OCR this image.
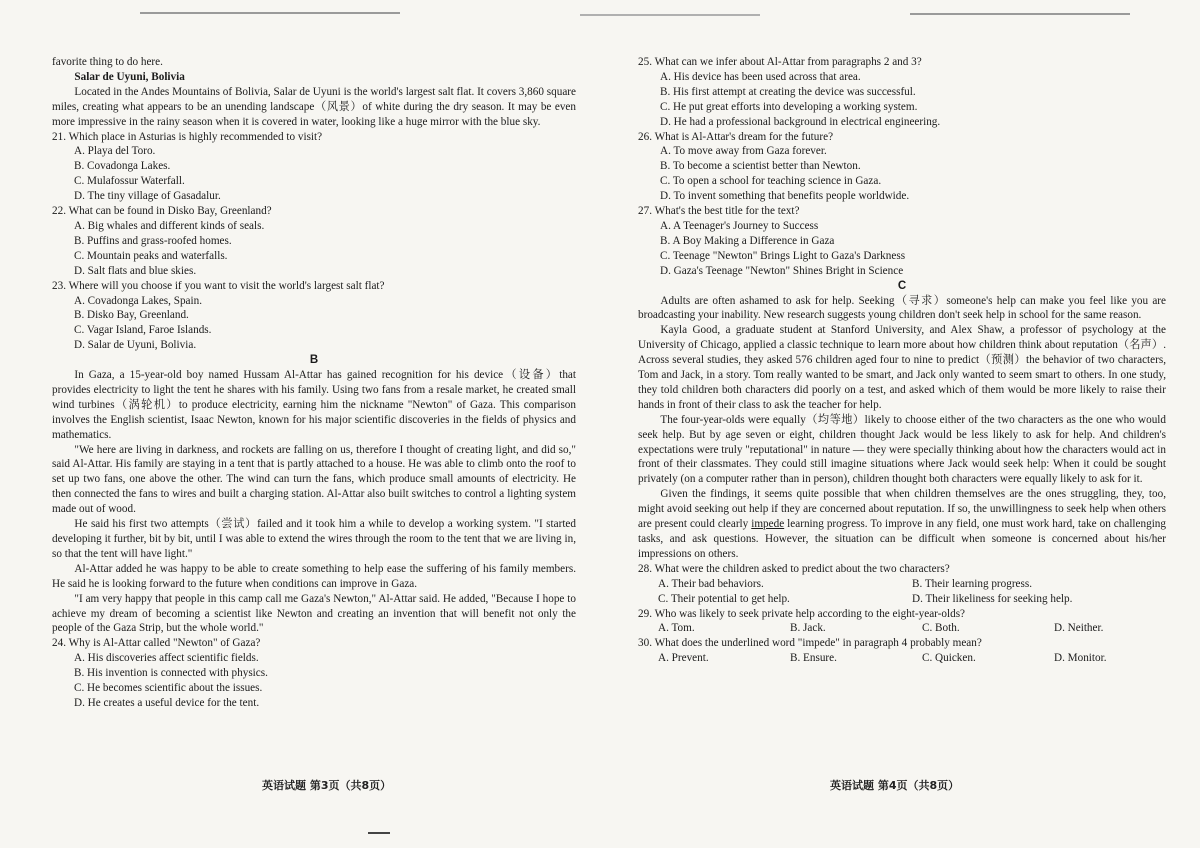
favorite thing to do here.

Salar de Uyuni, Bolivia

Located in the Andes Mountains of Bolivia, Salar de Uyuni is the world's largest salt flat. It covers 3,860 square miles, creating what appears to be an unending landscape（风景）of white during the dry season. It may be even more impressive in the rainy season when it is covered in water, looking like a huge mirror with the blue sky.

21. Which place in Asturias is highly recommended to visit?

A. Playa del Toro.

B. Covadonga Lakes.

C. Mulafossur Waterfall.

D. The tiny village of Gasadalur.

22. What can be found in Disko Bay, Greenland?

A. Big whales and different kinds of seals.

B. Puffins and grass-roofed homes.

C. Mountain peaks and waterfalls.

D. Salt flats and blue skies.

23. Where will you choose if you want to visit the world's largest salt flat?

A. Covadonga Lakes, Spain.

B. Disko Bay, Greenland.

C. Vagar Island, Faroe Islands.

D. Salar de Uyuni, Bolivia.

B

In Gaza, a 15-year-old boy named Hussam Al-Attar has gained recognition for his device（设备）that provides electricity to light the tent he shares with his family. Using two fans from a resale market, he created small wind turbines（涡轮机）to produce electricity, earning him the nickname "Newton" of Gaza. This comparison involves the English scientist, Isaac Newton, known for his major scientific discoveries in the fields of physics and mathematics.

"We here are living in darkness, and rockets are falling on us, therefore I thought of creating light, and did so," said Al-Attar. His family are staying in a tent that is partly attached to a house. He was able to climb onto the roof to set up two fans, one above the other. The wind can turn the fans, which produce small amounts of electricity. He then connected the fans to wires and built a charging station. Al-Attar also built switches to control a lighting system made out of wood.

He said his first two attempts（尝试）failed and it took him a while to develop a working system. "I started developing it further, bit by bit, until I was able to extend the wires through the room to the tent that we are living in, so that the tent will have light."

Al-Attar added he was happy to be able to create something to help ease the suffering of his family members. He said he is looking forward to the future when conditions can improve in Gaza.

"I am very happy that people in this camp call me Gaza's Newton," Al-Attar said. He added, "Because I hope to achieve my dream of becoming a scientist like Newton and creating an invention that will benefit not only the people of the Gaza Strip, but the whole world."

24. Why is Al-Attar called "Newton" of Gaza?

A. His discoveries affect scientific fields.

B. His invention is connected with physics.

C. He becomes scientific about the issues.

D. He creates a useful device for the tent.

25. What can we infer about Al-Attar from paragraphs 2 and 3?

A. His device has been used across that area.

B. His first attempt at creating the device was successful.

C. He put great efforts into developing a working system.

D. He had a professional background in electrical engineering.

26. What is Al-Attar's dream for the future?

A. To move away from Gaza forever.

B. To become a scientist better than Newton.

C. To open a school for teaching science in Gaza.

D. To invent something that benefits people worldwide.

27. What's the best title for the text?

A. A Teenager's Journey to Success

B. A Boy Making a Difference in Gaza

C. Teenage "Newton" Brings Light to Gaza's Darkness

D. Gaza's Teenage "Newton" Shines Bright in Science

C

Adults are often ashamed to ask for help. Seeking（寻求）someone's help can make you feel like you are broadcasting your inability. New research suggests young children don't seek help in school for the same reason.

Kayla Good, a graduate student at Stanford University, and Alex Shaw, a professor of psychology at the University of Chicago, applied a classic technique to learn more about how children think about reputation（名声）. Across several studies, they asked 576 children aged four to nine to predict（预测）the behavior of two characters, Tom and Jack, in a story. Tom really wanted to be smart, and Jack only wanted to seem smart to others. In one study, they told children both characters did poorly on a test, and asked which of them would be more likely to raise their hands in front of their class to ask the teacher for help.

The four-year-olds were equally（均等地）likely to choose either of the two characters as the one who would seek help. But by age seven or eight, children thought Jack would be less likely to ask for help. And children's expectations were truly "reputational" in nature — they were specially thinking about how the characters would act in front of their classmates. They could still imagine situations where Jack would seek help: When it could be sought privately (on a computer rather than in person), children thought both characters were equally likely to ask for it.

Given the findings, it seems quite possible that when children themselves are the ones struggling, they, too, might avoid seeking out help if they are concerned about reputation. If so, the unwillingness to seek help when others are present could clearly impede learning progress. To improve in any field, one must work hard, take on challenging tasks, and ask questions. However, the situation can be difficult when someone is concerned about his/her impressions on others.

28. What were the children asked to predict about the two characters?

A. Their bad behaviors.	B. Their learning progress.
C. Their potential to get help.	D. Their likeliness for seeking help.

29. Who was likely to seek private help according to the eight-year-olds?

A. Tom.	B. Jack.	C. Both.	D. Neither.

30. What does the underlined word "impede" in paragraph 4 probably mean?

A. Prevent.	B. Ensure.	C. Quicken.	D. Monitor.
英语试题 第3页（共8页）	英语试题 第4页（共8页）
